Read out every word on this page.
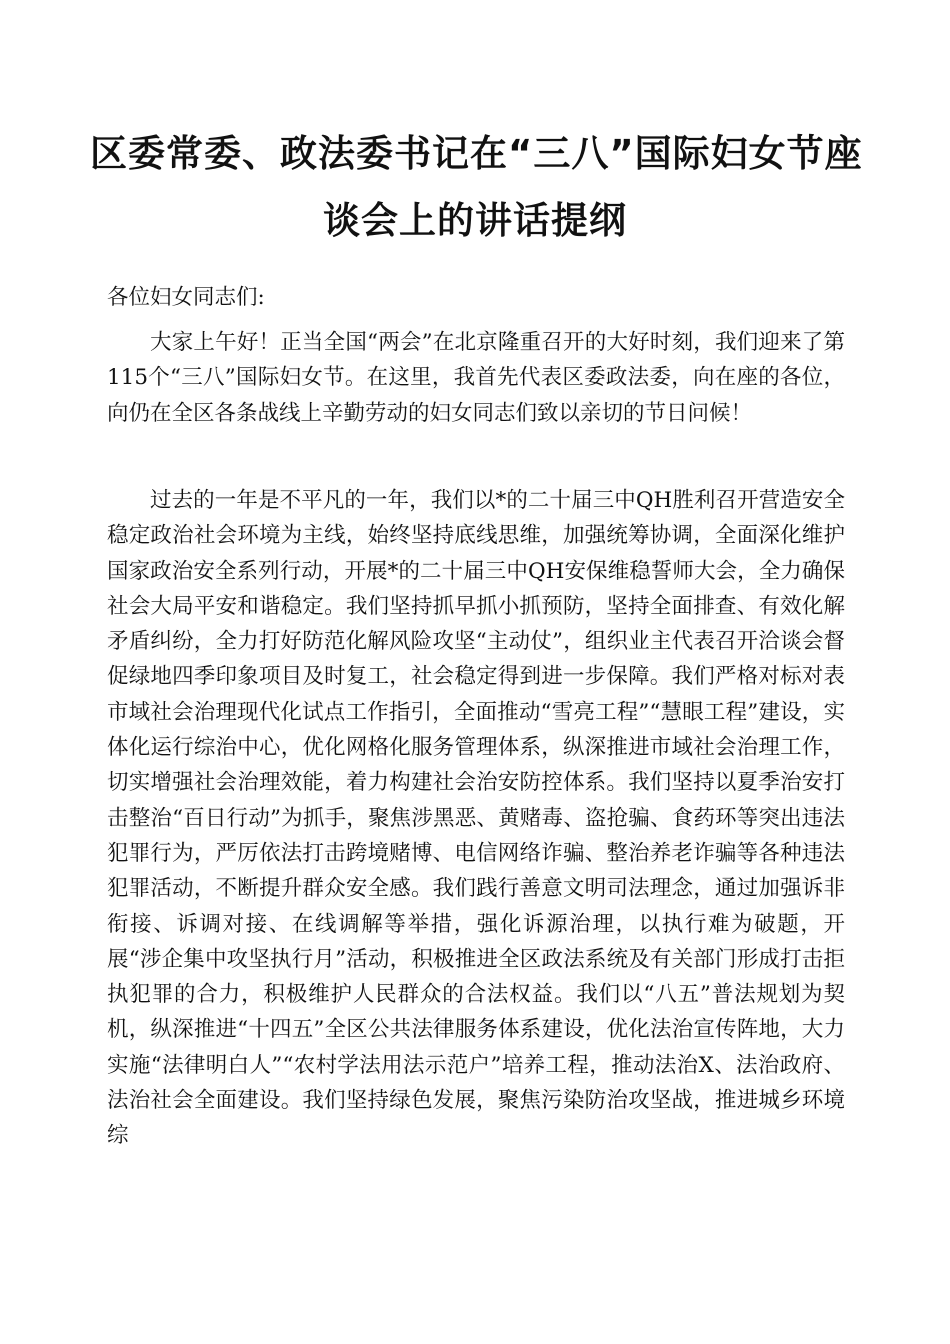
区委常委、政法委书记在“三八”国际妇女节座
谈会上的讲话提纲
各位妇女同志们:
大家上午好！正当全国“两会”在北京隆重召开的大好时刻，我们迎来了第115个“三八”国际妇女节。在这里，我首先代表区委政法委，向在座的各位，向仍在全区各条战线上辛勤劳动的妇女同志们致以亲切的节日问候！
过去的一年是不平凡的一年，我们以*的二十届三中QH胜利召开营造安全稳定政治社会环境为主线，始终坚持底线思维，加强统筹协调，全面深化维护国家政治安全系列行动，开展*的二十届三中QH安保维稳誓师大会，全力确保社会大局平安和谐稳定。我们坚持抓早抓小抓预防，坚持全面排查、有效化解矛盾纠纷，全力打好防范化解风险攻坚“主动仗”，组织业主代表召开洽谈会督促绿地四季印象项目及时复工，社会稳定得到进一步保障。我们严格对标对表市域社会治理现代化试点工作指引，全面推动“雪亮工程”“慧眼工程”建设，实体化运行综治中心，优化网格化服务管理体系，纵深推进市域社会治理工作，切实增强社会治理效能，着力构建社会治安防控体系。我们坚持以夏季治安打击整治“百日行动”为抓手，聚焦涉黑恶、黄赌毒、盗抢骗、食药环等突出违法犯罪行为，严厉依法打击跨境赌博、电信网络诈骗、整治养老诈骗等各种违法犯罪活动，不断提升群众安全感。我们践行善意文明司法理念，通过加强诉非衔接、诉调对接、在线调解等举措，强化诉源治理，以执行难为破题，开展“涉企集中攻坚执行月”活动，积极推进全区政法系统及有关部门形成打击拒执犯罪的合力，积极维护人民群众的合法权益。我们以“八五”普法规划为契机，纵深推进“十四五”全区公共法律服务体系建设，优化法治宣传阵地，大力实施“法律明白人”“农村学法用法示范户”培养工程，推动法治X、法治政府、法治社会全面建设。我们坚持绿色发展，聚焦污染防治攻坚战，推进城乡环境综
